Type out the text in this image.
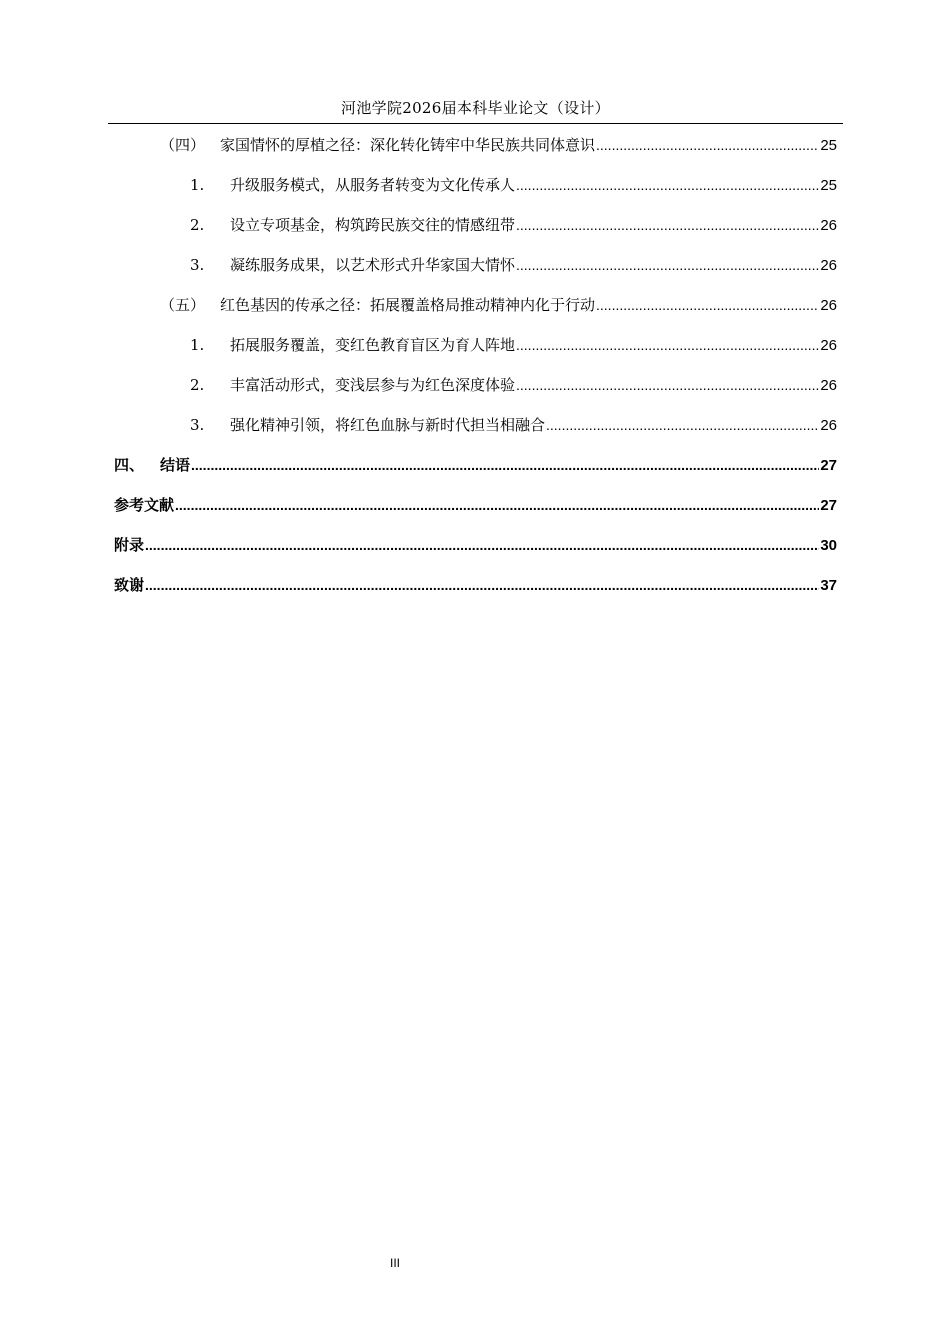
河池学院2026届本科毕业论文（设计）
（四） 家国情怀的厚植之径：深化转化铸牢中华民族共同体意识 .....	25
1.	升级服务模式，从服务者转变为文化传承人 .....	25
2.	设立专项基金，构筑跨民族交往的情感纽带 .....	26
3.	凝练服务成果，以艺术形式升华家国大情怀 .....	26
（五） 红色基因的传承之径：拓展覆盖格局推动精神内化于行动 .....	26
1.	拓展服务覆盖，变红色教育盲区为育人阵地 .....	26
2.	丰富活动形式，变浅层参与为红色深度体验 .....	26
3.	强化精神引领，将红色血脉与新时代担当相融合 .....	26
四、	结语 .....	27
参考文献 .....	27
附录 .....	30
致谢 .....	37
III
